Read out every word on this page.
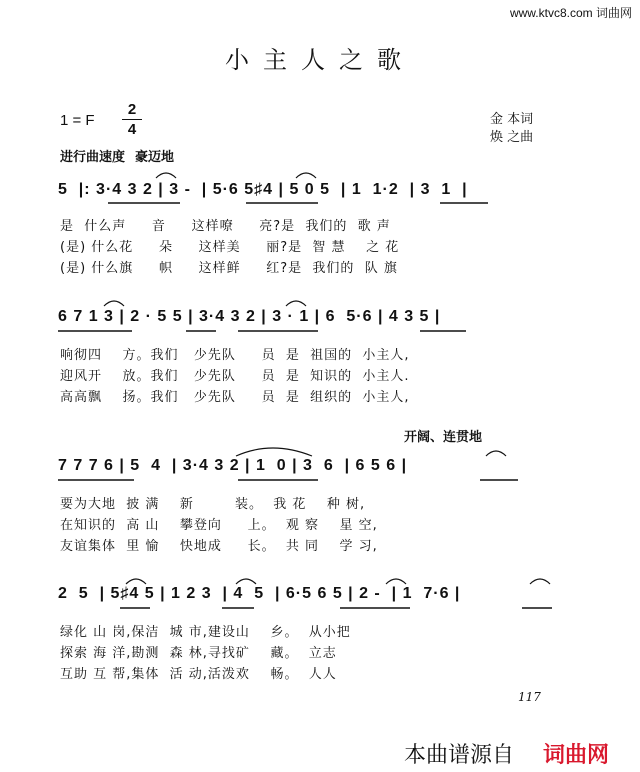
www.ktvc8.com 词曲网
小主人之歌
1 = F
2
4
金 本词
焕 之曲
进行曲速度 豪迈地
5  |: 3·4 3 2 | 3 -  | 5·6 5♯4 | 5 0 5  | 1  1·2  | 3  1  |
是  什么声     音     这样嘹     亮?是  我们的  歌 声
(是) 什么花     朵     这样美     丽?是  智 慧    之 花
(是) 什么旗     帜     这样鲜     红?是  我们的  队 旗
6 7 1 3 | 2 · 5 5 | 3·4 3 2 | 3 · 1 | 6  5·6 | 4 3 5 |
响彻四    方。我们   少先队     员  是  祖国的  小主人,
迎风开    放。我们   少先队     员  是  知识的  小主人.
高高飘    扬。我们   少先队     员  是  组织的  小主人,
开阔、连贯地
7 7 7 6 | 5  4  | 3·4 3 2 | 1  0 | 3  6  | 6 5 6 |
要为大地  披 满    新        装。  我 花    种 树,
在知识的  高 山    攀登向     上。  观 察    星 空,
友谊集体  里 愉    快地成     长。  共 同    学 习,
2  5  | 5♯4 5 | 1 2 3  | 4  5  | 6·5 6 5 | 2 -  | 1  7·6 |
绿化 山 岗,保洁  城 市,建设山    乡。  从小把
探索 海 洋,勘测  森 林,寻找矿    藏。  立志
互助 互 帮,集体  活 动,活泼欢    畅。  人人
117
本曲谱源自 词曲网
